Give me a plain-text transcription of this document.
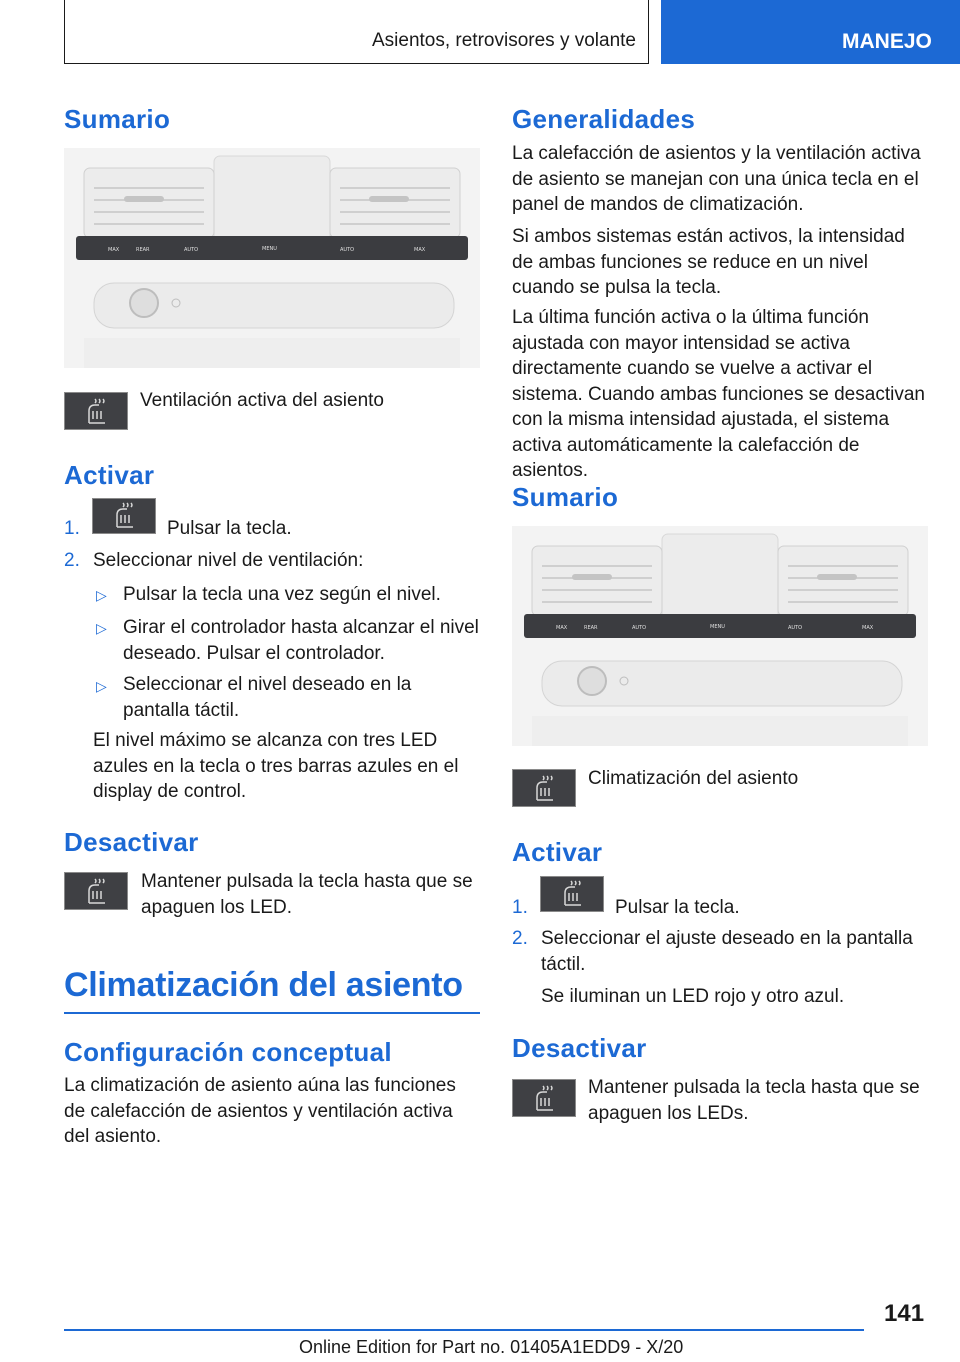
Asientos, retrovisores y volante	MANEJO
Sumario
MAX	REAR	AUTO	MENU	AUTO	MAX

Ventilación activa del asiento

Activar
1.	Pulsar la tecla.

2. Seleccionar nivel de ventilación:

▷ Pulsar la tecla una vez según el nivel.

▷ Girar el controlador hasta alcanzar el nivel deseado. Pulsar el controlador.

▷ Seleccionar el nivel deseado en la pantalla táctil.

El nivel máximo se alcanza con tres LED azules en la tecla o tres barras azules en el display de control.

Desactivar

Mantener pulsada la tecla hasta que se apaguen los LED.

Climatización del asiento
Configuración conceptual

La climatización de asiento aúna las funciones de calefacción de asientos y ventilación activa del asiento.

Generalidades

La calefacción de asientos y la ventilación activa de asiento se manejan con una única tecla en el panel de mandos de climatización.

Si ambos sistemas están activos, la intensidad de ambas funciones se reduce en un nivel cuando se pulsa la tecla.

La última función activa o la última función ajustada con mayor intensidad se activa directamente cuando se vuelve a activar el sistema. Cuando ambas funciones se desactivan con la misma intensidad ajustada, el sistema activa automáticamente la calefacción de asientos.

Sumario
MAX	REAR	AUTO	MENU	AUTO	MAX

Climatización del asiento

Activar
1.	Pulsar la tecla.

2. Seleccionar el ajuste deseado en la pantalla táctil.

Se iluminan un LED rojo y otro azul.

Desactivar

Mantener pulsada la tecla hasta que se apaguen los LEDs.

141
Online Edition for Part no. 01405A1EDD9 - X/20
